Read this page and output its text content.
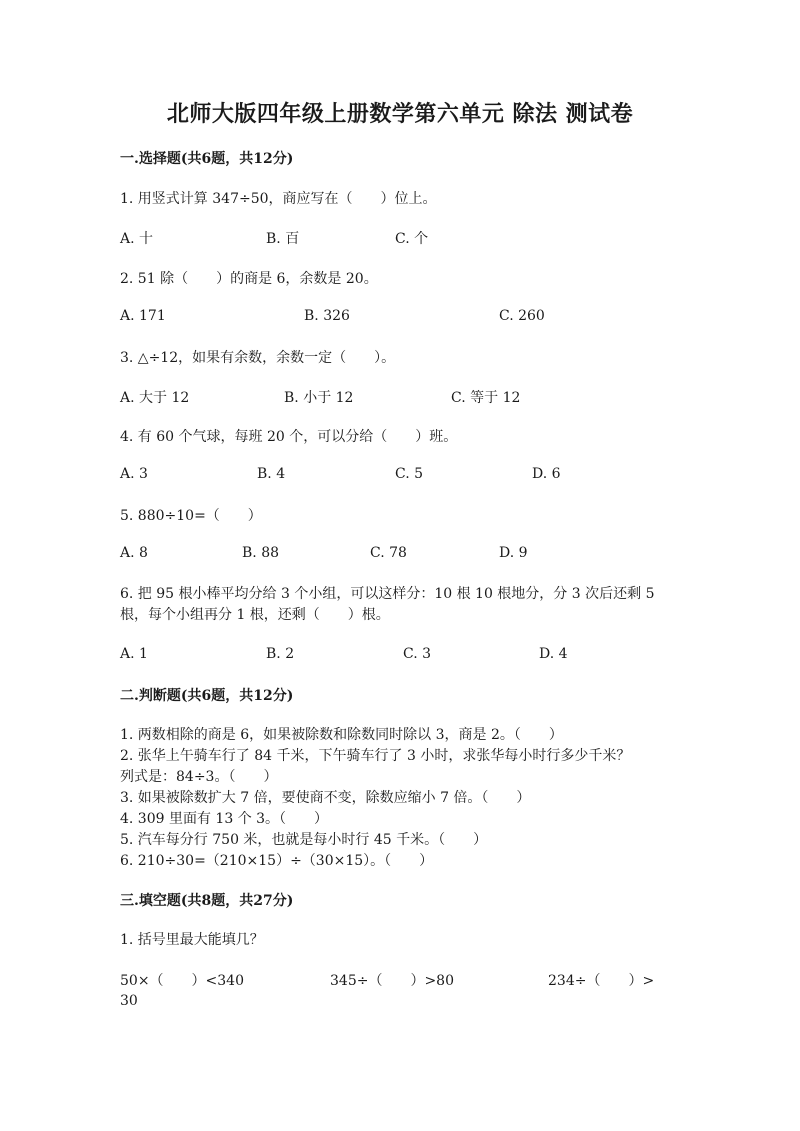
北师大版四年级上册数学第六单元 除法 测试卷
一.选择题(共6题，共12分)
1. 用竖式计算 347÷50，商应写在（　　）位上。
A. 十	B. 百	C. 个
2. 51 除（　　）的商是 6，余数是 20。
A. 171	B. 326	C. 260
3. △÷12，如果有余数，余数一定（　　）。
A. 大于 12	B. 小于 12	C. 等于 12
4. 有 60 个气球，每班 20 个，可以分给（　　）班。
A. 3	B. 4	C. 5	D. 6
5. 880÷10=（　　）
A. 8	B. 88	C. 78	D. 9
6. 把 95 根小棒平均分给 3 个小组，可以这样分：10 根 10 根地分，分 3 次后还剩 5 根，每个小组再分 1 根，还剩（　　）根。
A. 1	B. 2	C. 3	D. 4
二.判断题(共6题，共12分)
1. 两数相除的商是 6，如果被除数和除数同时除以 3，商是 2。（　　）
2. 张华上午骑车行了 84 千米，下午骑车行了 3 小时，求张华每小时行多少千米？
列式是：84÷3。（　　）
3. 如果被除数扩大 7 倍，要使商不变，除数应缩小 7 倍。（　　）
4. 309 里面有 13 个 3。（　　）
5. 汽车每分行 750 米，也就是每小时行 45 千米。（　　）
6. 210÷30=（210×15）÷（30×15）。（　　）
三.填空题(共8题，共27分)
1. 括号里最大能填几？
50×（　　）<340	345÷（　　）>80	234÷（　　）>
30
